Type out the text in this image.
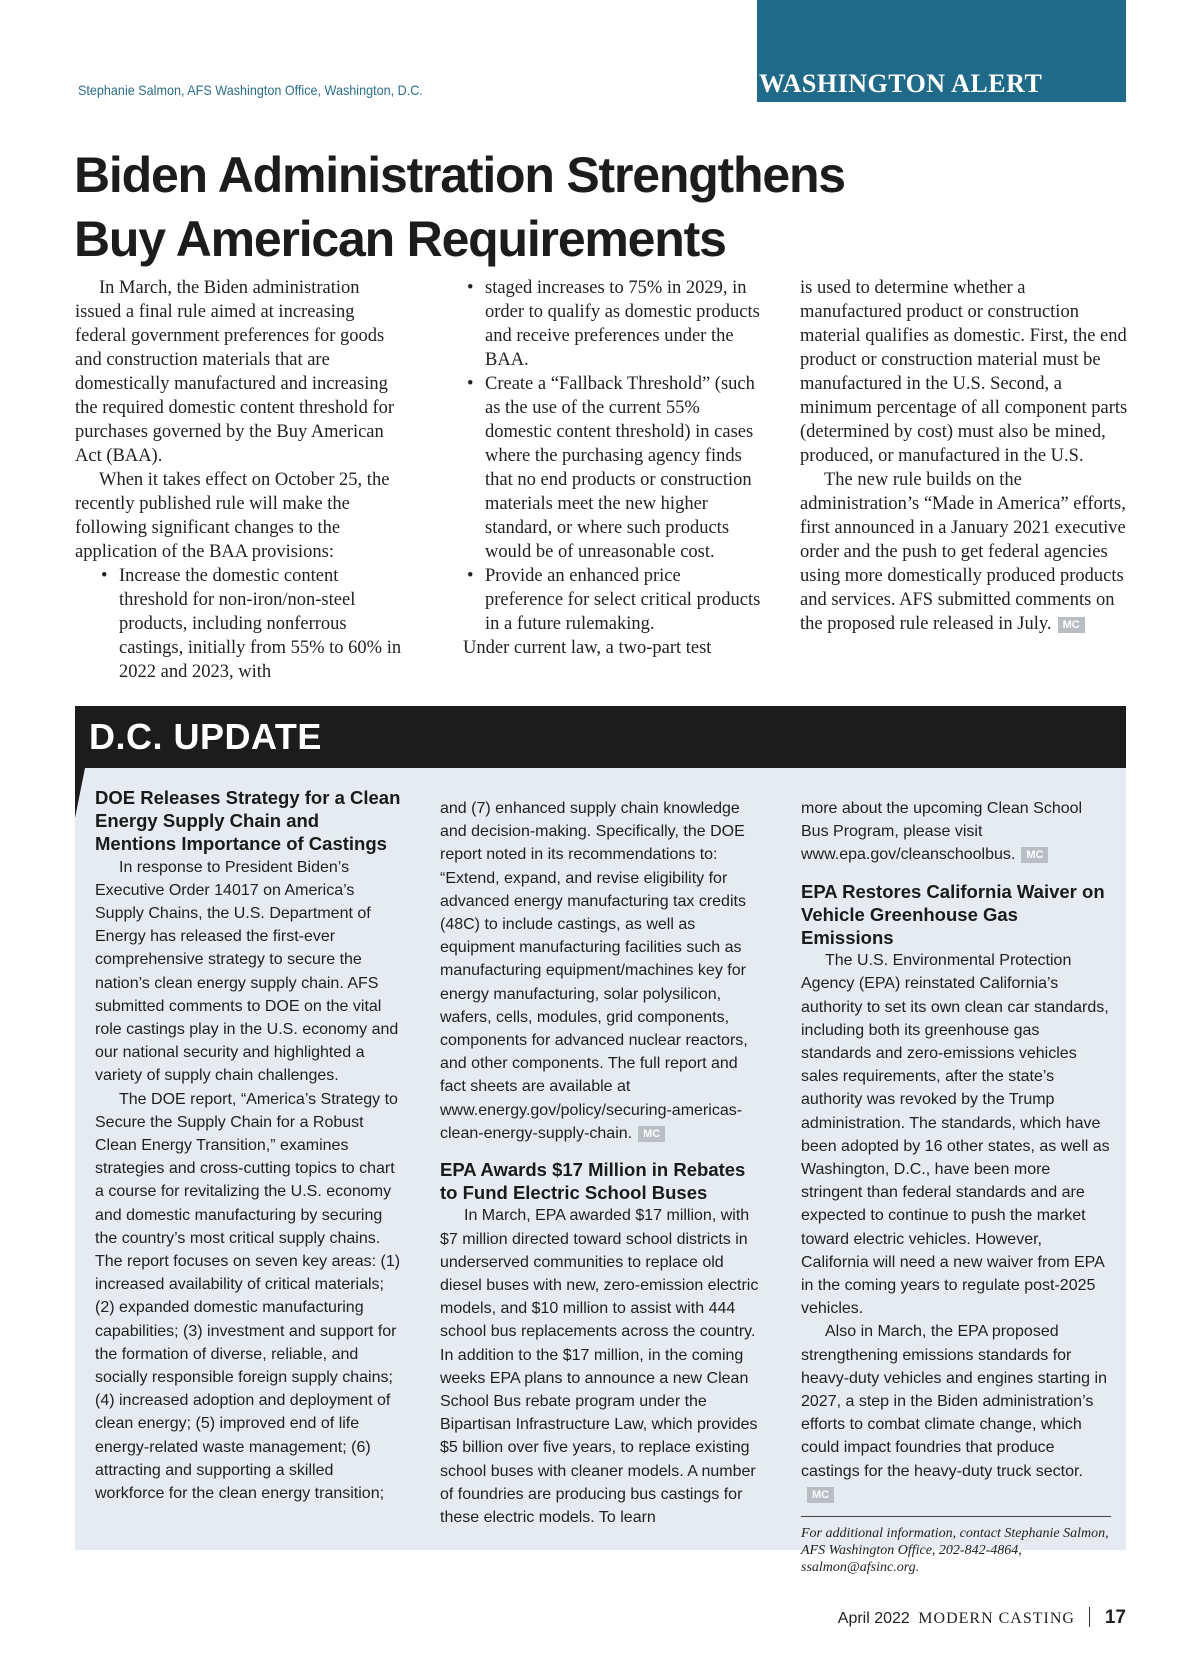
Stephanie Salmon, AFS Washington Office, Washington, D.C.	WASHINGTON ALERT
Biden Administration Strengthens
Buy American Requirements

In March, the Biden administration issued a final rule aimed at increasing federal government preferences for goods and construction materials that are domestically manufactured and increasing the required domestic content threshold for purchases governed by the Buy American Act (BAA).

When it takes effect on October 25, the recently published rule will make the following significant changes to the application of the BAA provisions:

• Increase the domestic content threshold for non-iron/non-steel products, including nonferrous castings, initially from 55% to 60% in 2022 and 2023, with
• staged increases to 75% in 2029, in order to qualify as domestic products and receive preferences under the BAA.
• Create a “Fallback Threshold” (such as the use of the current 55% domestic content threshold) in cases where the purchasing agency finds that no end products or construction materials meet the new higher standard, or where such products would be of unreasonable cost.
• Provide an enhanced price preference for select critical products in a future rulemaking.

Under current law, a two-part test

is used to determine whether a manufactured product or construction material qualifies as domestic. First, the end product or construction material must be manufactured in the U.S. Second, a minimum percentage of all component parts (determined by cost) must also be mined, produced, or manufactured in the U.S.

The new rule builds on the administration’s “Made in America” efforts, first announced in a January 2021 executive order and the push to get federal agencies using more domestically produced products and services. AFS submitted comments on the proposed rule released in July. MC

D.C. UPDATE
DOE Releases Strategy for a Clean Energy Supply Chain and Mentions Importance of Castings

In response to President Biden’s Executive Order 14017 on America’s Supply Chains, the U.S. Department of Energy has released the first-ever comprehensive strategy to secure the nation’s clean energy supply chain. AFS submitted comments to DOE on the vital role castings play in the U.S. economy and our national security and highlighted a variety of supply chain challenges.

The DOE report, “America’s Strategy to Secure the Supply Chain for a Robust Clean Energy Transition,” examines strategies and cross-cutting topics to chart a course for revitalizing the U.S. economy and domestic manufacturing by securing the country’s most critical supply chains. The report focuses on seven key areas: (1) increased availability of critical materials; (2) expanded domestic manufacturing capabilities; (3) investment and support for the formation of diverse, reliable, and socially responsible foreign supply chains; (4) increased adoption and deployment of clean energy; (5) improved end of life energy-related waste management; (6) attracting and supporting a skilled workforce for the clean energy transition;

and (7) enhanced supply chain knowledge and decision-making. Specifically, the DOE report noted in its recommendations to: “Extend, expand, and revise eligibility for advanced energy manufacturing tax credits (48C) to include castings, as well as equipment manufacturing facilities such as manufacturing equipment/machines key for energy manufacturing, solar polysilicon, wafers, cells, modules, grid components, components for advanced nuclear reactors, and other components. The full report and fact sheets are available at www.energy.gov/policy/securing-americas-clean-energy-supply-chain. MC

EPA Awards $17 Million in Rebates to Fund Electric School Buses

In March, EPA awarded $17 million, with $7 million directed toward school districts in underserved communities to replace old diesel buses with new, zero-emission electric models, and $10 million to assist with 444 school bus replacements across the country. In addition to the $17 million, in the coming weeks EPA plans to announce a new Clean School Bus rebate program under the Bipartisan Infrastructure Law, which provides $5 billion over five years, to replace existing school buses with cleaner models. A number of foundries are producing bus castings for these electric models. To learn

more about the upcoming Clean School Bus Program, please visit www.epa.gov/cleanschoolbus. MC

EPA Restores California Waiver on Vehicle Greenhouse Gas Emissions

The U.S. Environmental Protection Agency (EPA) reinstated California’s authority to set its own clean car standards, including both its greenhouse gas standards and zero-emissions vehicles sales requirements, after the state’s authority was revoked by the Trump administration. The standards, which have been adopted by 16 other states, as well as Washington, D.C., have been more stringent than federal standards and are expected to continue to push the market toward electric vehicles. However, California will need a new waiver from EPA in the coming years to regulate post-2025 vehicles.

Also in March, the EPA proposed strengthening emissions standards for heavy-duty vehicles and engines starting in 2027, a step in the Biden administration’s efforts to combat climate change, which could impact foundries that produce castings for the heavy-duty truck sector.MC

For additional information, contact Stephanie Salmon, AFS Washington Office, 202-842-4864, ssalmon@afsinc.org.
April 2022 MODERN CASTING 17
